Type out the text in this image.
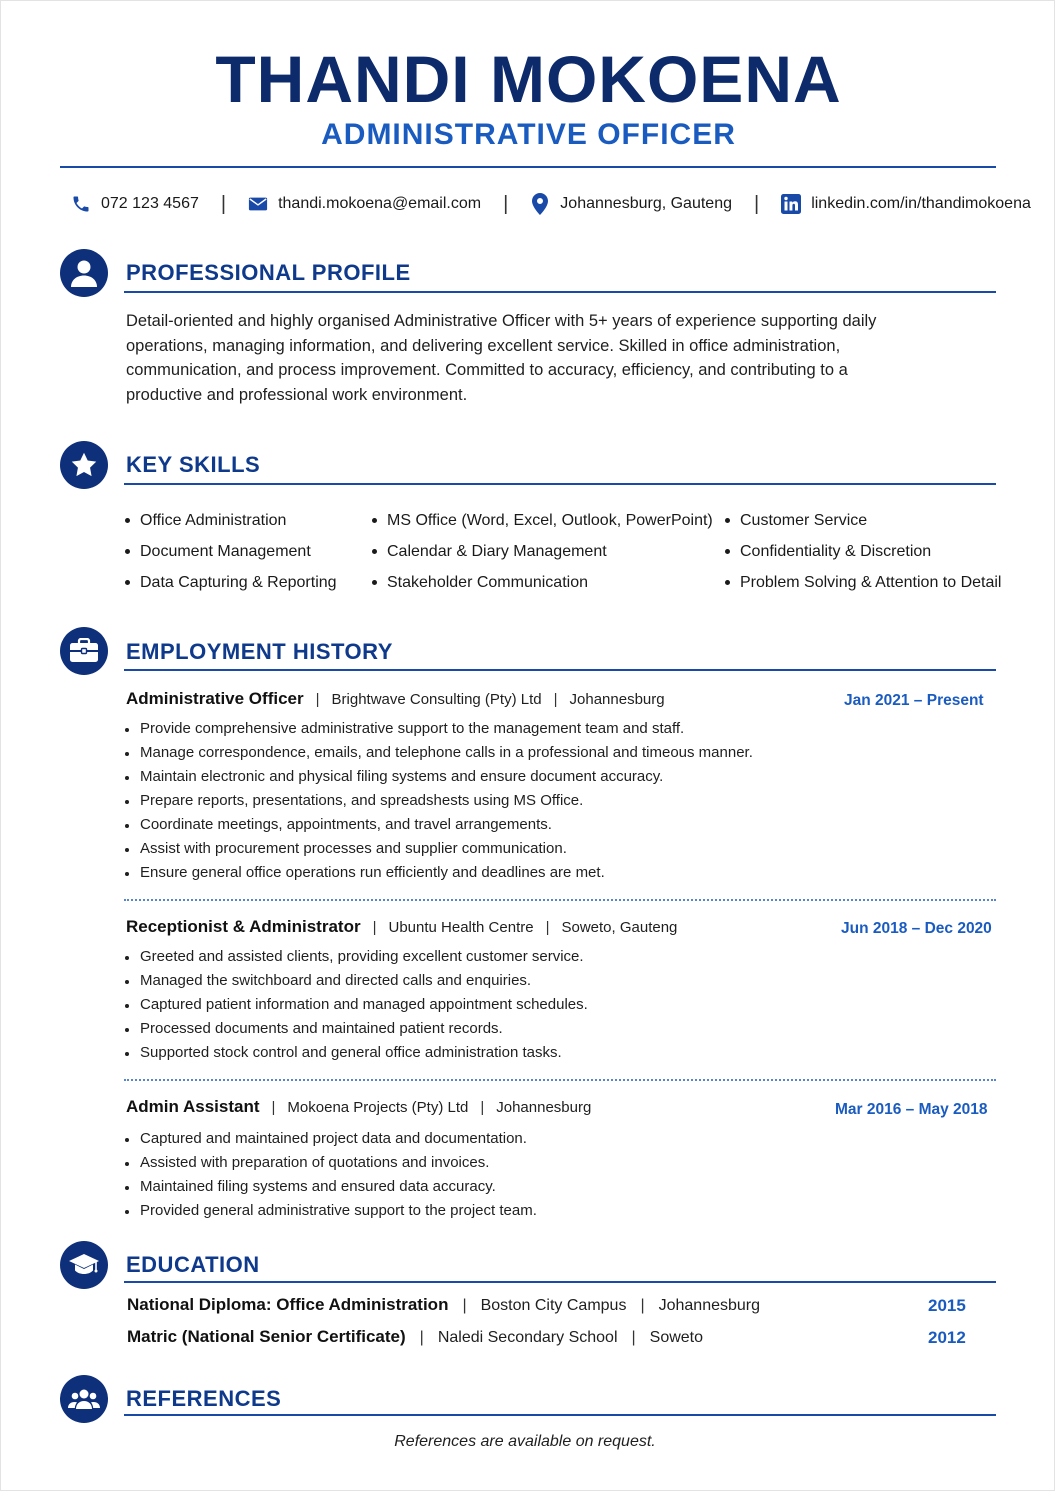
THANDI MOKOENA
ADMINISTRATIVE OFFICER
072 123 4567 |	thandi.mokoena@email.com |	Johannesburg, Gauteng |	linkedin.com/in/thandimokoena
PROFESSIONAL PROFILE
Detail-oriented and highly organised Administrative Officer with 5+ years of experience supporting daily operations, managing information, and delivering excellent service. Skilled in office administration, communication, and process improvement. Committed to accuracy, efficiency, and contributing to a productive and professional work environment.
KEY SKILLS
Office Administration
Document Management
Data Capturing & Reporting
MS Office (Word, Excel, Outlook, PowerPoint)
Calendar & Diary Management
Stakeholder Communication
Customer Service
Confidentiality & Discretion
Problem Solving & Attention to Detail
EMPLOYMENT HISTORY
Administrative Officer | Brightwave Consulting (Pty) Ltd | Johannesburg	Jan 2021 – Present
Provide comprehensive administrative support to the management team and staff.
Manage correspondence, emails, and telephone calls in a professional and timeous manner.
Maintain electronic and physical filing systems and ensure document accuracy.
Prepare reports, presentations, and spreadshests using MS Office.
Coordinate meetings, appointments, and travel arrangements.
Assist with procurement processes and supplier communication.
Ensure general office operations run efficiently and deadlines are met.
Receptionist & Administrator | Ubuntu Health Centre | Soweto, Gauteng	Jun 2018 – Dec 2020
Greeted and assisted clients, providing excellent customer service.
Managed the switchboard and directed calls and enquiries.
Captured patient information and managed appointment schedules.
Processed documents and maintained patient records.
Supported stock control and general office administration tasks.
Admin Assistant | Mokoena Projects (Pty) Ltd | Johannesburg	Mar 2016 – May 2018
Captured and maintained project data and documentation.
Assisted with preparation of quotations and invoices.
Maintained filing systems and ensured data accuracy.
Provided general administrative support to the project team.
EDUCATION
National Diploma: Office Administration | Boston City Campus | Johannesburg	2015
Matric (National Senior Certificate) | Naledi Secondary School | Soweto	2012
REFERENCES
References are available on request.
